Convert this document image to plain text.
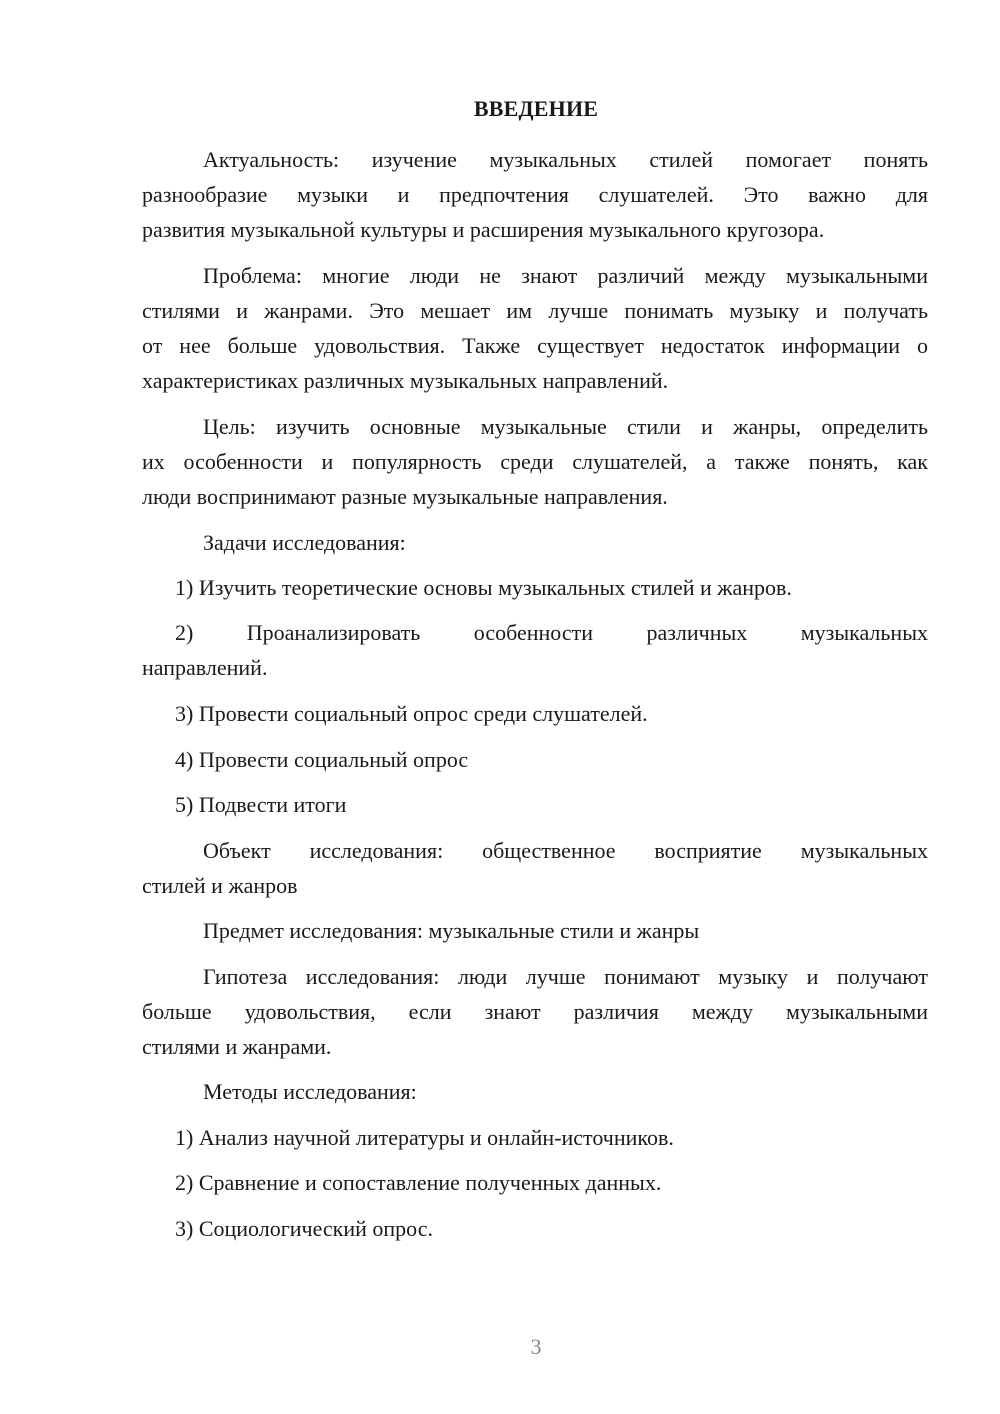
ВВЕДЕНИЕ
Актуальность: изучение музыкальных стилей помогает понять
разнообразие музыки и предпочтения слушателей. Это важно для
развития музыкальной культуры и расширения музыкального кругозора.
Проблема: многие люди не знают различий между музыкальными
стилями и жанрами. Это мешает им лучше понимать музыку и получать
от нее больше удовольствия. Также существует недостаток информации о
характеристиках различных музыкальных направлений.
Цель: изучить основные музыкальные стили и жанры, определить
их особенности и популярность среди слушателей, а также понять, как
люди воспринимают разные музыкальные направления.
Задачи исследования:
1) Изучить теоретические основы музыкальных стилей и жанров.
2) Проанализировать особенности различных музыкальных
направлений.
3) Провести социальный опрос среди слушателей.
4) Провести социальный опрос
5) Подвести итоги
Объект исследования: общественное восприятие музыкальных
стилей и жанров
Предмет исследования: музыкальные стили и жанры
Гипотеза исследования: люди лучше понимают музыку и получают
больше удовольствия, если знают различия между музыкальными
стилями и жанрами.
Методы исследования:
1) Анализ научной литературы и онлайн-источников.
2) Сравнение и сопоставление полученных данных.
3) Социологический опрос.
3
